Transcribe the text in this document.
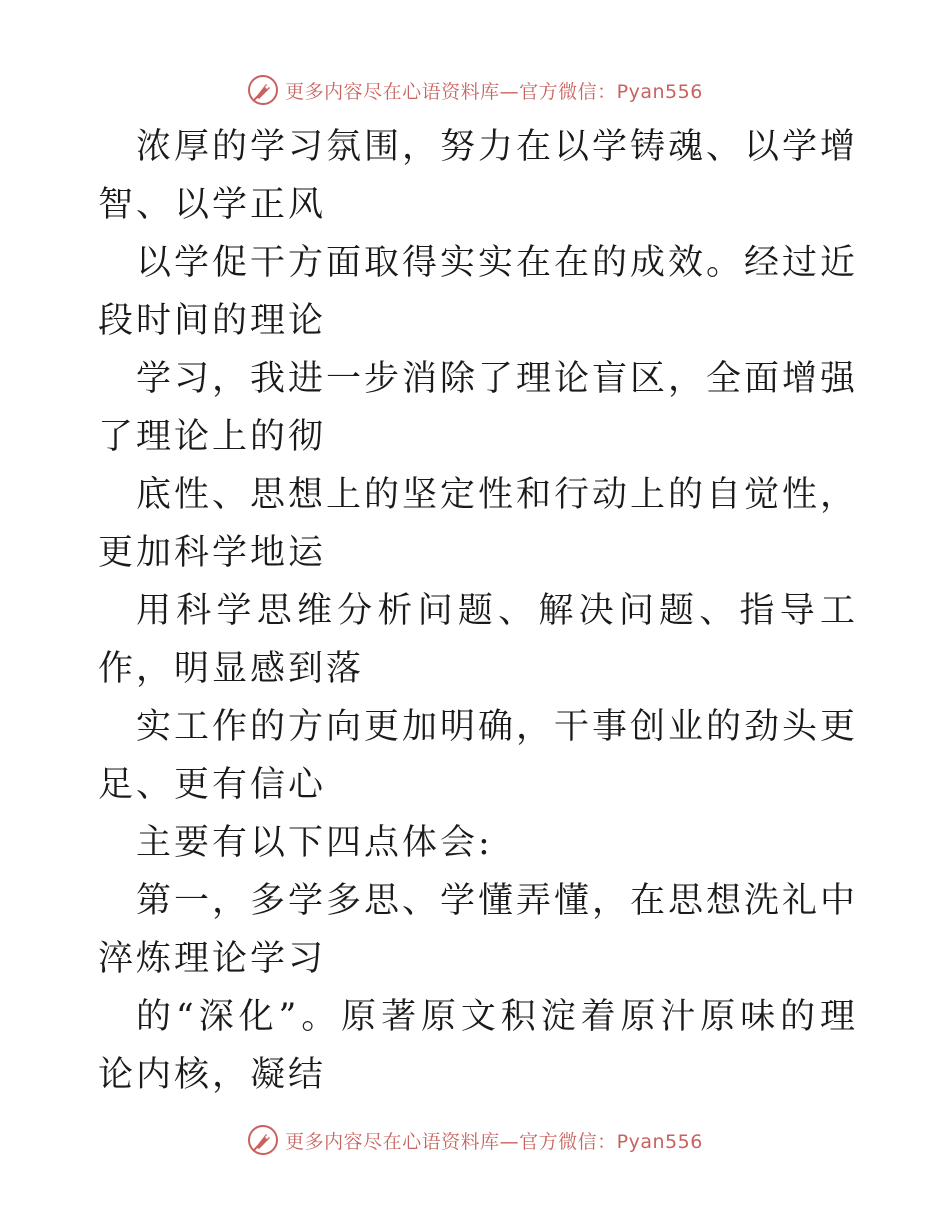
更多内容尽在心语资料库—官方微信：Pyan556

浓厚的学习氛围，努力在以学铸魂、以学增智、以学正风

以学促干方面取得实实在在的成效。经过近段时间的理论

学习，我进一步消除了理论盲区，全面增强了理论上的彻

底性、思想上的坚定性和行动上的自觉性，更加科学地运

用科学思维分析问题、解决问题、指导工作，明显感到落

实工作的方向更加明确，干事创业的劲头更足、更有信心

主要有以下四点体会:

第一，多学多思、学懂弄懂，在思想洗礼中淬炼理论学习

的“深化”。原著原文积淀着原汁原味的理论内核，凝结

更多内容尽在心语资料库—官方微信：Pyan556
